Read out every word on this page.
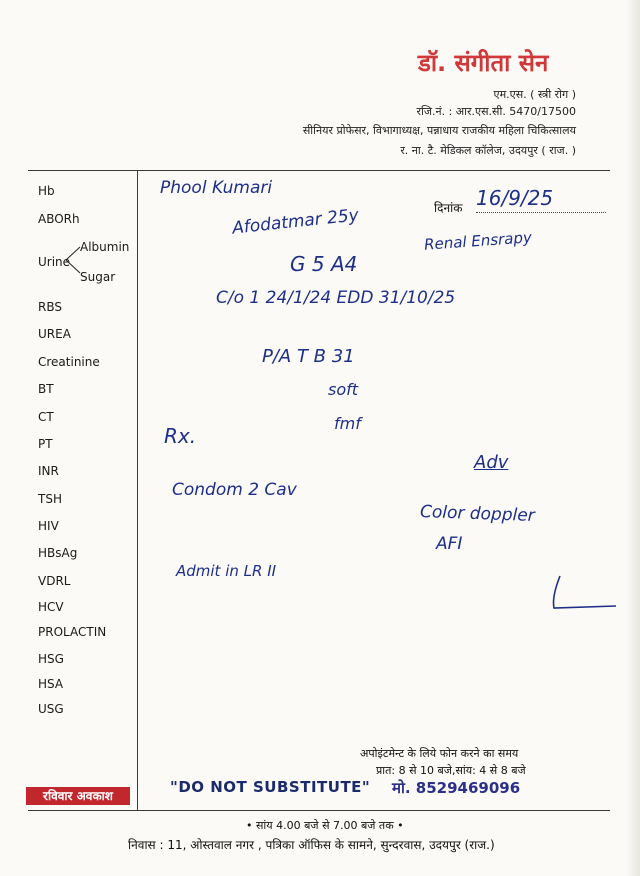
डॉ. संगीता सेन
एम.एस. ( स्त्री रोग )
रजि.नं. : आर.एस.सी. 5470/17500
सीनियर प्रोफेसर, विभागाध्यक्ष, पन्नाधाय राजकीय महिला चिकित्सालय
र. ना. टै. मेडिकल कॉलेज, उदयपुर ( राज. )
Hb
ABORh
RBS
UREA
Creatinine
BT
CT
PT
INR
TSH
HIV
HBsAg
VDRL
HCV
PROLACTIN
HSG
HSA
USG
Urine
Albumin
Sugar
दिनांक 16/9/25
Phool Kumari
Afodatmar 25y
Renal Ensrapy
G 5 A4
C/o 1 24/1/24 EDD 31/10/25
P/A T B 31
soft
fmf
Rx.
Condom 2 Cav
Adv
Color doppler
AFI
Admit in LR II
अपोइंटमेन्ट के लिये फोन करने का समय
प्रात: 8 से 10 बजे,सांय: 4 से 8 बजे
मो. 8529469096
रविवार अवकाश	"DO NOT SUBSTITUTE"
• सांय 4.00 बजे से 7.00 बजे तक •
निवास : 11, ओस्तवाल नगर , पत्रिका ऑफिस के सामने, सुन्दरवास, उदयपुर (राज.)
